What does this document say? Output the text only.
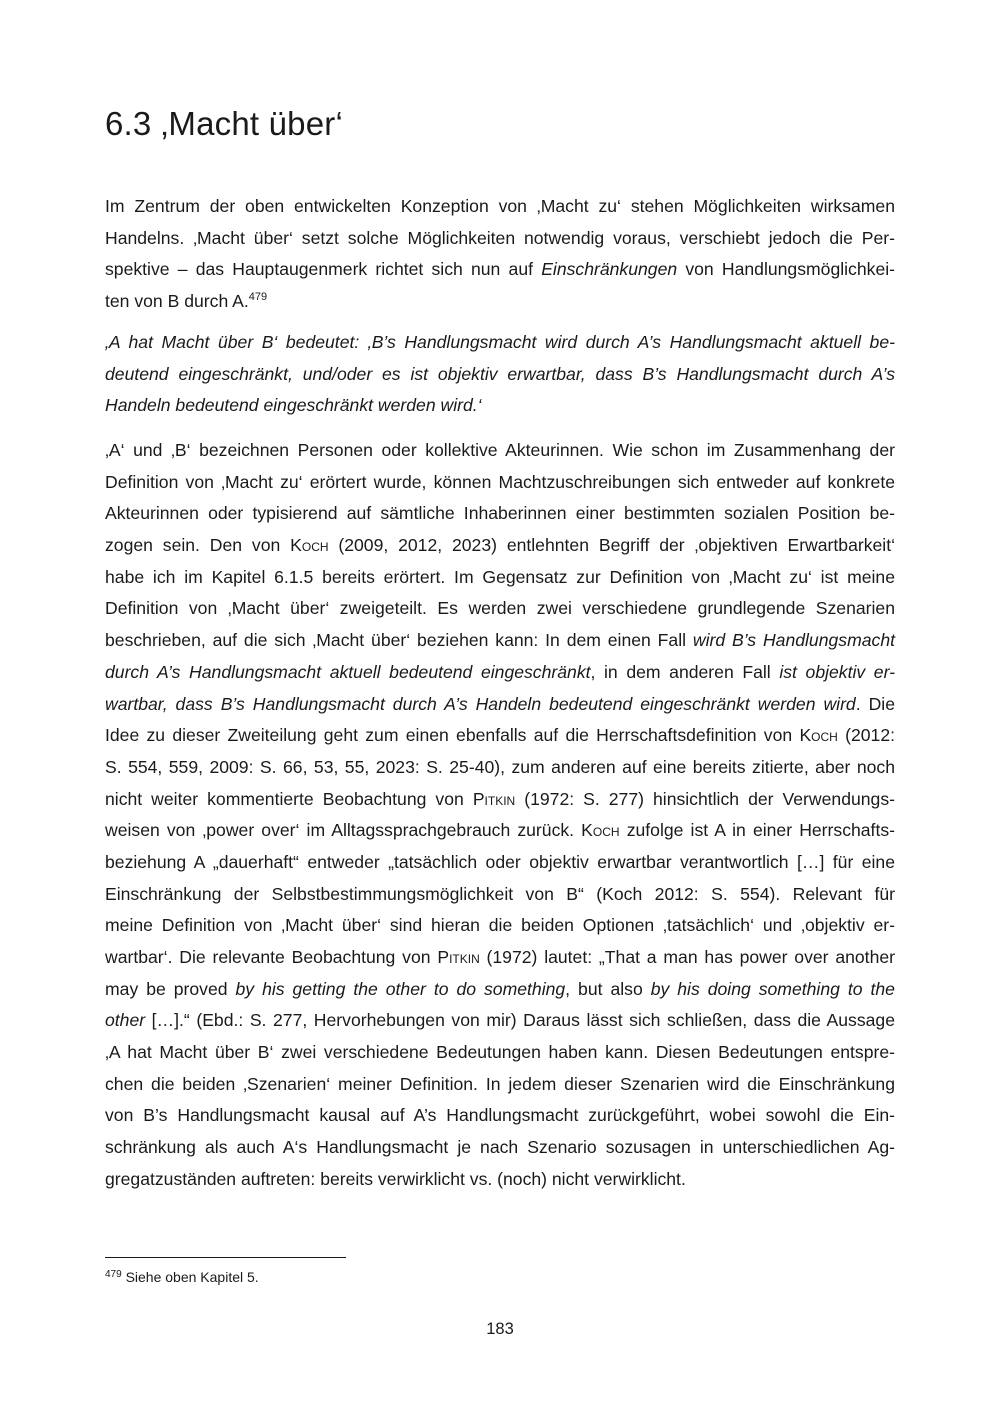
6.3 ‚Macht über‘
Im Zentrum der oben entwickelten Konzeption von ‚Macht zu‘ stehen Möglichkeiten wirksamen
Handelns. ‚Macht über‘ setzt solche Möglichkeiten notwendig voraus, verschiebt jedoch die Per-
spektive – das Hauptaugenmerk richtet sich nun auf Einschränkungen von Handlungsmöglichkei-
ten von B durch A.$^{479}$
‚A hat Macht über B‘ bedeutet: ‚B’s Handlungsmacht wird durch A’s Handlungsmacht aktuell be-
deutend eingeschränkt, und/oder es ist objektiv erwartbar, dass B’s Handlungsmacht durch A’s
Handeln bedeutend eingeschränkt werden wird.‘
‚A‘ und ‚B‘ bezeichnen Personen oder kollektive Akteurinnen. Wie schon im Zusammenhang der
Definition von ‚Macht zu‘ erörtert wurde, können Machtzuschreibungen sich entweder auf konkrete
Akteurinnen oder typisierend auf sämtliche Inhaberinnen einer bestimmten sozialen Position be-
zogen sein. Den von Koch (2009, 2012, 2023) entlehnten Begriff der ‚objektiven Erwartbarkeit‘
habe ich im Kapitel 6.1.5 bereits erörtert. Im Gegensatz zur Definition von ‚Macht zu‘ ist meine
Definition von ‚Macht über‘ zweigeteilt. Es werden zwei verschiedene grundlegende Szenarien
beschrieben, auf die sich ‚Macht über‘ beziehen kann: In dem einen Fall wird B’s Handlungsmacht
durch A’s Handlungsmacht aktuell bedeutend eingeschränkt, in dem anderen Fall ist objektiv er-
wartbar, dass B’s Handlungsmacht durch A’s Handeln bedeutend eingeschränkt werden wird. Die
Idee zu dieser Zweiteilung geht zum einen ebenfalls auf die Herrschaftsdefinition von Koch (2012:
S. 554, 559, 2009: S. 66, 53, 55, 2023: S. 25-40), zum anderen auf eine bereits zitierte, aber noch
nicht weiter kommentierte Beobachtung von Pitkin (1972: S. 277) hinsichtlich der Verwendungs-
weisen von ‚power over‘ im Alltagssprachgebrauch zurück. Koch zufolge ist A in einer Herrschafts-
beziehung A „dauerhaft“ entweder „tatsächlich oder objektiv erwartbar verantwortlich […] für eine
Einschränkung der Selbstbestimmungsmöglichkeit von B“ (Koch 2012: S. 554). Relevant für
meine Definition von ‚Macht über‘ sind hieran die beiden Optionen ‚tatsächlich‘ und ‚objektiv er-
wartbar‘. Die relevante Beobachtung von Pitkin (1972) lautet: „That a man has power over another
may be proved by his getting the other to do something, but also by his doing something to the
other […].“ (Ebd.: S. 277, Hervorhebungen von mir) Daraus lässt sich schließen, dass die Aussage
‚A hat Macht über B‘ zwei verschiedene Bedeutungen haben kann. Diesen Bedeutungen entspre-
chen die beiden ‚Szenarien‘ meiner Definition. In jedem dieser Szenarien wird die Einschränkung
von B’s Handlungsmacht kausal auf A’s Handlungsmacht zurückgeführt, wobei sowohl die Ein-
schränkung als auch A‘s Handlungsmacht je nach Szenario sozusagen in unterschiedlichen Ag-
gregatzuständen auftreten: bereits verwirklicht vs. (noch) nicht verwirklicht.
$^{479}$ Siehe oben Kapitel 5.
183
